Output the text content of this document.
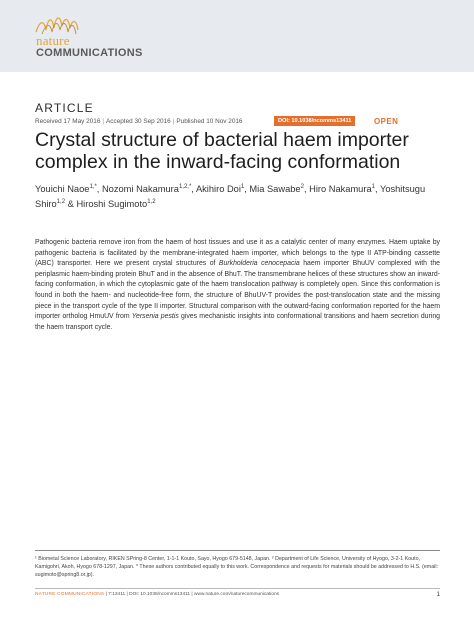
nature
COMMUNICATIONS
ARTICLE
Received 17 May 2016 | Accepted 30 Sep 2016 | Published 10 Nov 2016	DOI: 10.1038/ncomms13411	OPEN
Crystal structure of bacterial haem importer complex in the inward-facing conformation
Youichi Naoe$^{1,*}$, Nozomi Nakamura$^{1,2,*}$, Akihiro Doi$^1$, Mia Sawabe$^2$, Hiro Nakamura$^1$, Yoshitsugu Shiro$^{1,2}$ & Hiroshi Sugimoto$^{1,2}$

Pathogenic bacteria remove iron from the haem of host tissues and use it as a catalytic center of many enzymes. Haem uptake by pathogenic bacteria is facilitated by the membrane-integrated haem importer, which belongs to the type II ATP-binding cassette (ABC) transporter. Here we present crystal structures of Burkholderia cenocepacia haem importer BhuUV complexed with the periplasmic haem-binding protein BhuT and in the absence of BhuT. The transmembrane helices of these structures show an inward-facing conformation, in which the cytoplasmic gate of the haem translocation pathway is completely open. Since this conformation is found in both the haem- and nucleotide-free form, the structure of BhuUV-T provides the post-translocation state and the missing piece in the transport cycle of the type II importer. Structural comparison with the outward-facing conformation reported for the haem importer ortholog HmuUV from Yersenia pestis gives mechanistic insights into conformational transitions and haem secretion during the haem transport cycle.

¹ Biometal Science Laboratory, RIKEN SPring-8 Center, 1-1-1 Kouto, Sayo, Hyogo 679-5148, Japan. ² Department of Life Science, University of Hyogo, 3-2-1 Kouto, Kamigohri, Akoh, Hyogo 678-1297, Japan. * These authors contributed equally to this work. Correspondence and requests for materials should be addressed to H.S. (email: sugimoto@spring8.or.jp).

NATURE COMMUNICATIONS | 7:13411 | DOI: 10.1038/ncomms13411 | www.nature.com/naturecommunications	1
